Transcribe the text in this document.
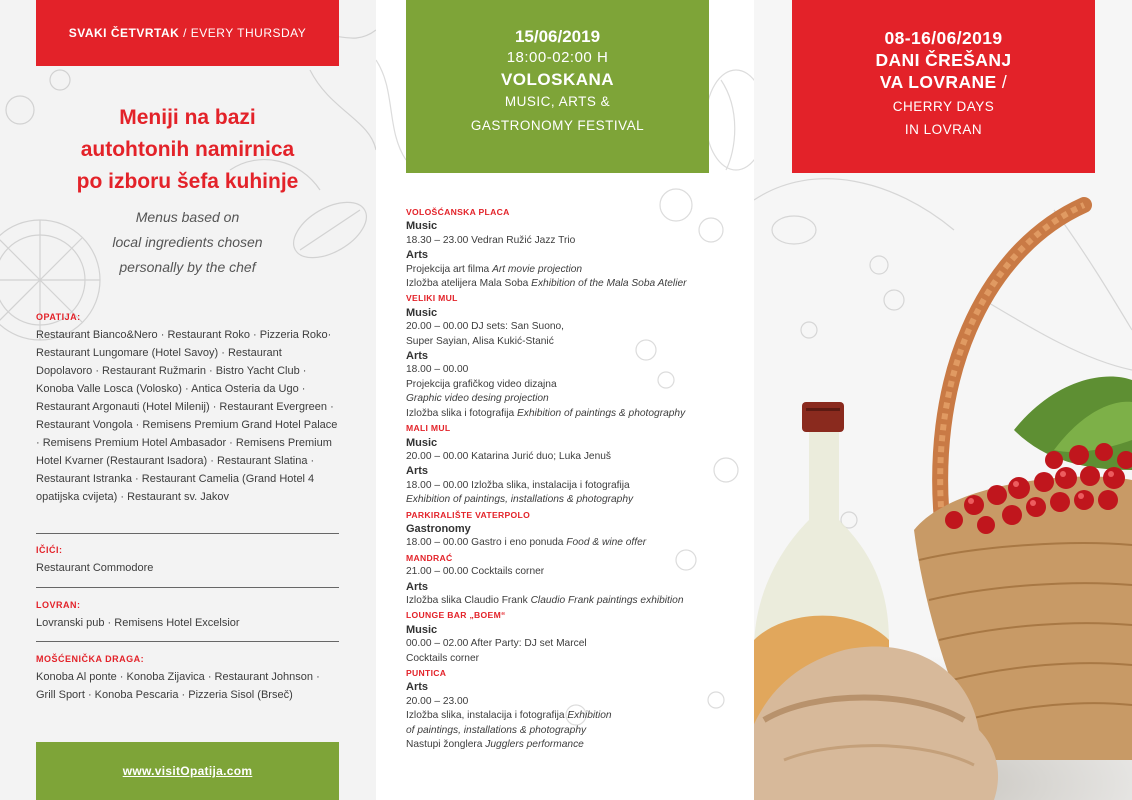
SVAKI ČETVRTAK / EVERY THURSDAY
Meniji na bazi
autohtonih namirnica
po izboru šefa kuhinje
Menus based on
local ingredients chosen
personally by the chef
OPATIJA:
Restaurant Bianco&Nero · Restaurant Roko · Pizzeria Roko· Restaurant Lungomare (Hotel Savoy) · Restaurant Dopolavoro · Restaurant Ružmarin · Bistro Yacht Club · Konoba Valle Losca (Volosko) · Antica Osteria da Ugo · Restaurant Argonauti (Hotel Milenij) · Restaurant Evergreen · Restaurant Vongola · Remisens Premium Grand Hotel Palace · Remisens Premium Hotel Ambasador · Remisens Premium Hotel Kvarner (Restaurant Isadora) · Restaurant Slatina · Restaurant Istranka · Restaurant Camelia (Grand Hotel 4 opatijska cvijeta) · Restaurant sv. Jakov
IČIĆI:
Restaurant Commodore
LOVRAN:
Lovranski pub · Remisens Hotel Excelsior
MOŠĆENIČKA DRAGA:
Konoba Al ponte · Konoba Zijavica · Restaurant Johnson · Grill Sport · Konoba Pescaria · Pizzeria Sisol (Brseč)
www.visitOpatija.com
15/06/2019
18:00-02:00 H
VOLOSKANA
MUSIC, ARTS &
GASTRONOMY FESTIVAL
VOLOŠĆANSKA PLACA
Music
18.30 – 23.00 Vedran Ružić Jazz Trio
Arts
Projekcija art filma Art movie projection
Izložba atelijera Mala Soba Exhibition of the Mala Soba Atelier
VELIKI MUL
Music
20.00 – 00.00 DJ sets: San Suono,
Super Sayian, Alisa Kukić-Stanić
Arts
18.00 – 00.00
Projekcija grafičkog video dizajna
Graphic video desing projection
Izložba slika i fotografija Exhibition of paintings & photography
MALI MUL
Music
20.00 – 00.00 Katarina Jurić duo; Luka Jenuš
Arts
18.00 – 00.00 Izložba slika, instalacija i fotografija
Exhibition of paintings, installations & photography
PARKIRALIŠTE VATERPOLO
Gastronomy
18.00 – 00.00 Gastro i eno ponuda Food & wine offer
MANDRAĆ
21.00 – 00.00 Cocktails corner
Arts
Izložba slika Claudio Frank Claudio Frank paintings exhibition
LOUNGE BAR „BOEM“
Music
00.00 – 02.00 After Party: DJ set Marcel
Cocktails corner
PUNTICA
Arts
20.00 – 23.00
Izložba slika, instalacija i fotografija Exhibition
of paintings, installations & photography
Nastupi žonglera Jugglers performance
08-16/06/2019
DANI ČREŠANJ
VA LOVRANE /
CHERRY DAYS
IN LOVRAN
